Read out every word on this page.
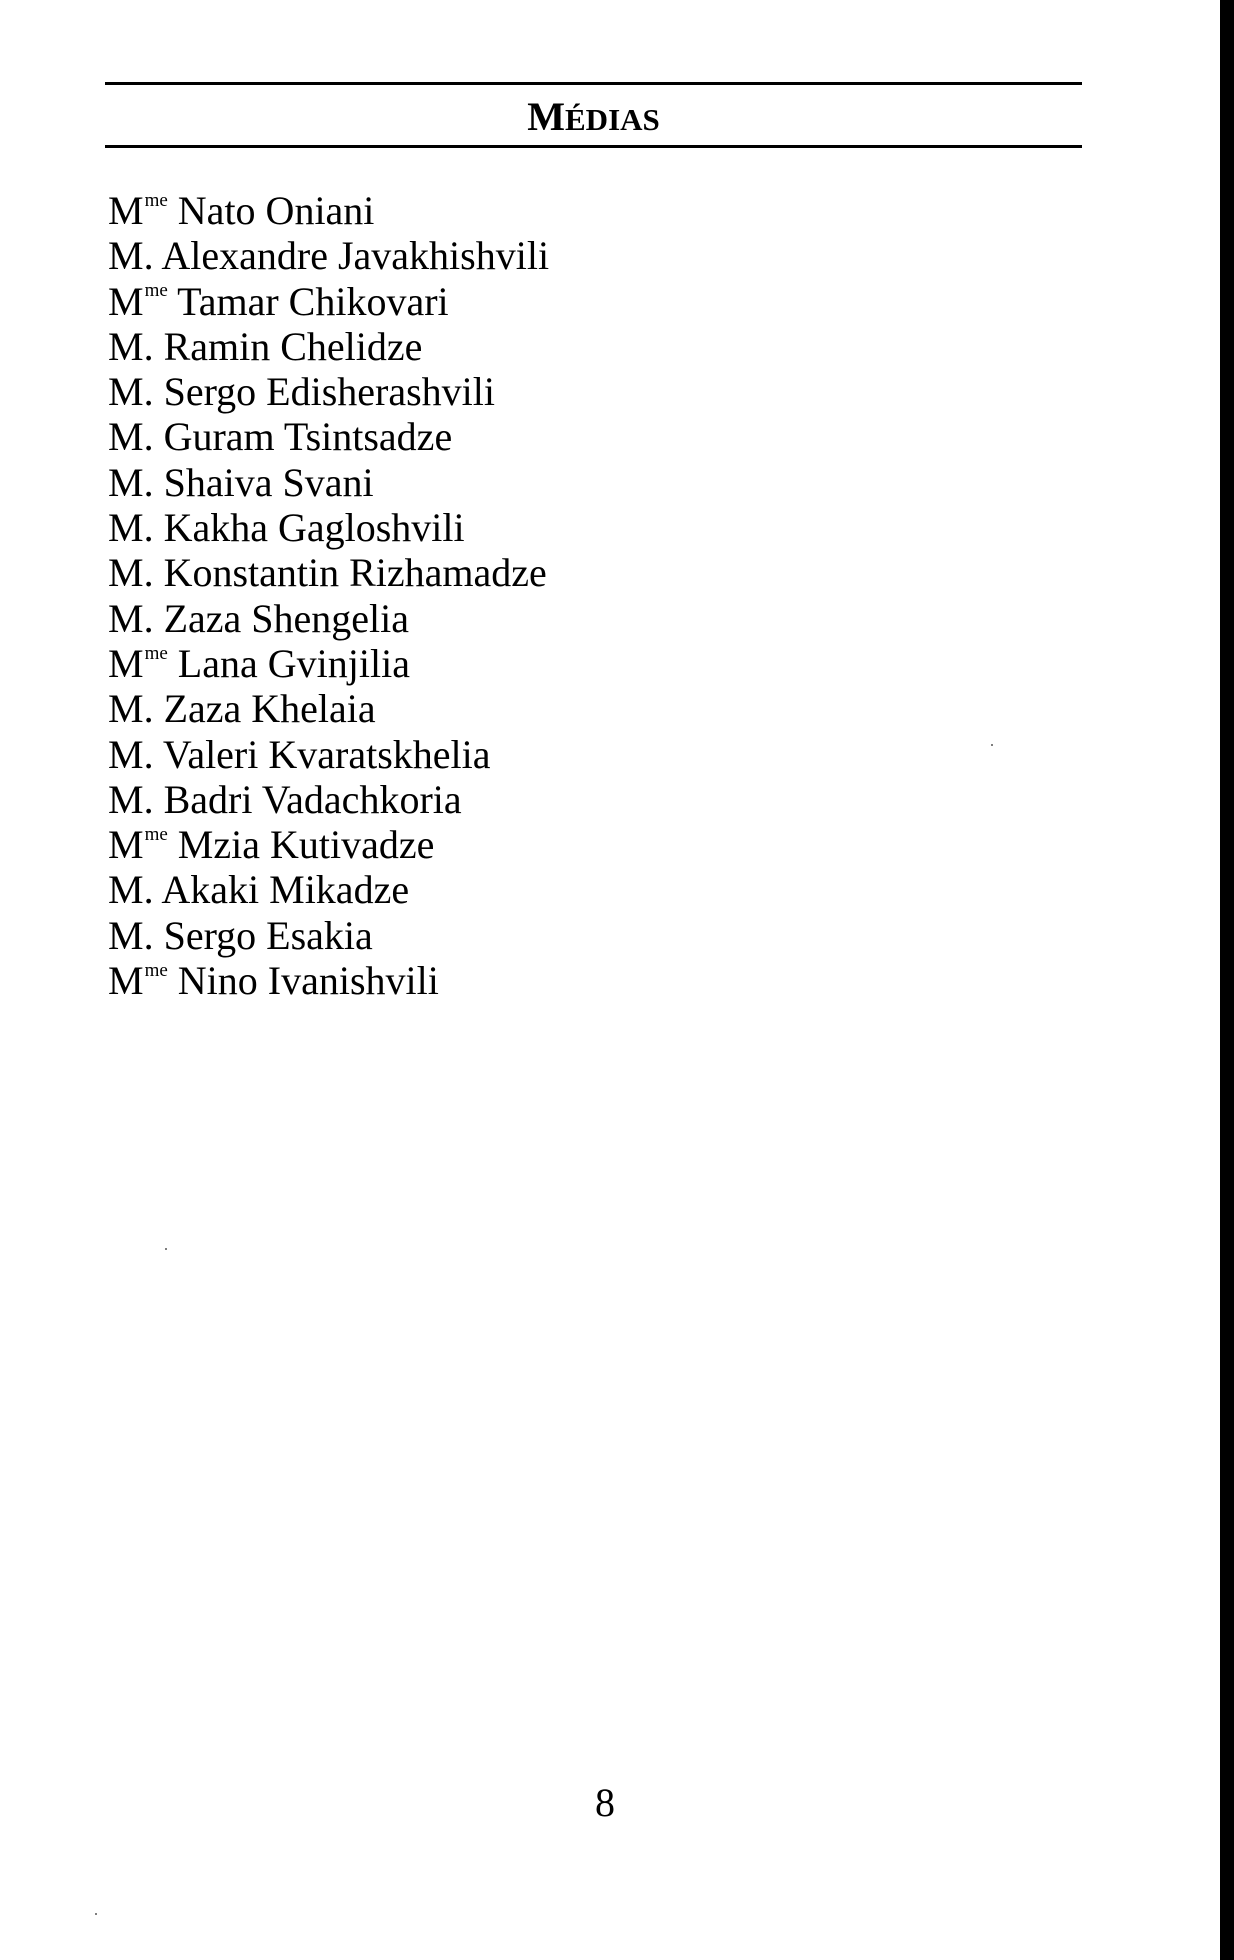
MÉDIAS
$M^{me}$ Nato Oniani
M. Alexandre Javakhishvili
$M^{me}$ Tamar Chikovari
M. Ramin Chelidze
M. Sergo Edisherashvili
M. Guram Tsintsadze
M. Shaiva Svani
M. Kakha Gagloshvili
M. Konstantin Rizhamadze
M. Zaza Shengelia
$M^{me}$ Lana Gvinjilia
M. Zaza Khelaia
M. Valeri Kvaratskhelia
M. Badri Vadachkoria
$M^{me}$ Mzia Kutivadze
M. Akaki Mikadze
M. Sergo Esakia
$M^{me}$ Nino Ivanishvili
8
